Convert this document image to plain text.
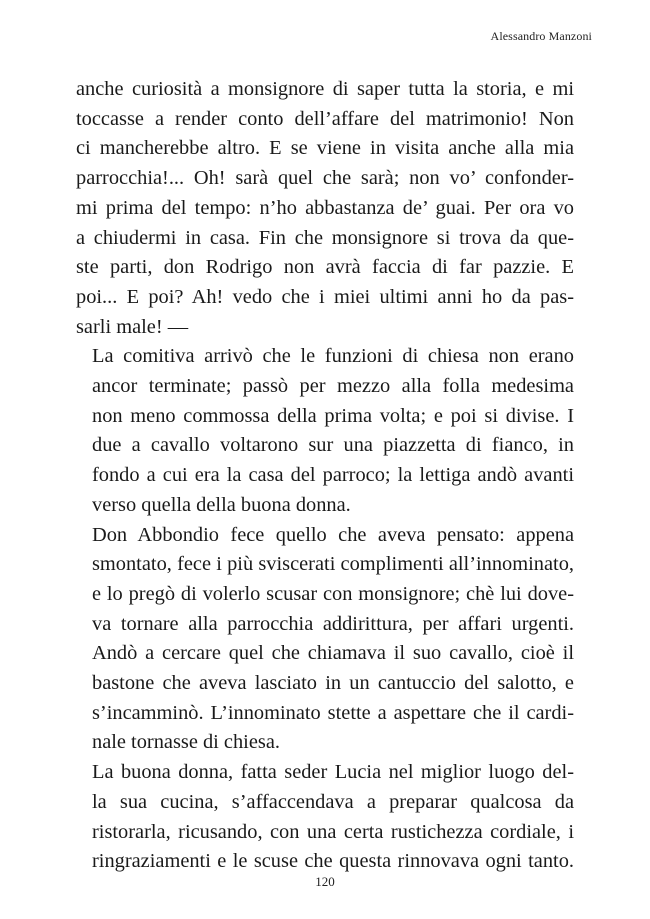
Alessandro Manzoni

anche curiosità a monsignore di saper tutta la storia, e mi
toccasse a render conto dell’affare del matrimonio! Non
ci mancherebbe altro. E se viene in visita anche alla mia
parrocchia!... Oh! sarà quel che sarà; non vo’ confonder-
mi prima del tempo: n’ho abbastanza de’ guai. Per ora vo
a chiudermi in casa. Fin che monsignore si trova da que-
ste parti, don Rodrigo non avrà faccia di far pazzie. E
poi... E poi? Ah! vedo che i miei ultimi anni ho da pas-
sarli male! —

La comitiva arrivò che le funzioni di chiesa non erano
ancor terminate; passò per mezzo alla folla medesima
non meno commossa della prima volta; e poi si divise. I
due a cavallo voltarono sur una piazzetta di fianco, in
fondo a cui era la casa del parroco; la lettiga andò avanti
verso quella della buona donna.

Don Abbondio fece quello che aveva pensato: appena
smontato, fece i più sviscerati complimenti all’innominato,
e lo pregò di volerlo scusar con monsignore; chè lui dove-
va tornare alla parrocchia addirittura, per affari urgenti.
Andò a cercare quel che chiamava il suo cavallo, cioè il
bastone che aveva lasciato in un cantuccio del salotto, e
s’incamminò. L’innominato stette a aspettare che il cardi-
nale tornasse di chiesa.

La buona donna, fatta seder Lucia nel miglior luogo del-
la sua cucina, s’affaccendava a preparar qualcosa da
ristorarla, ricusando, con una certa rustichezza cordiale, i
ringraziamenti e le scuse che questa rinnovava ogni tanto.

120
